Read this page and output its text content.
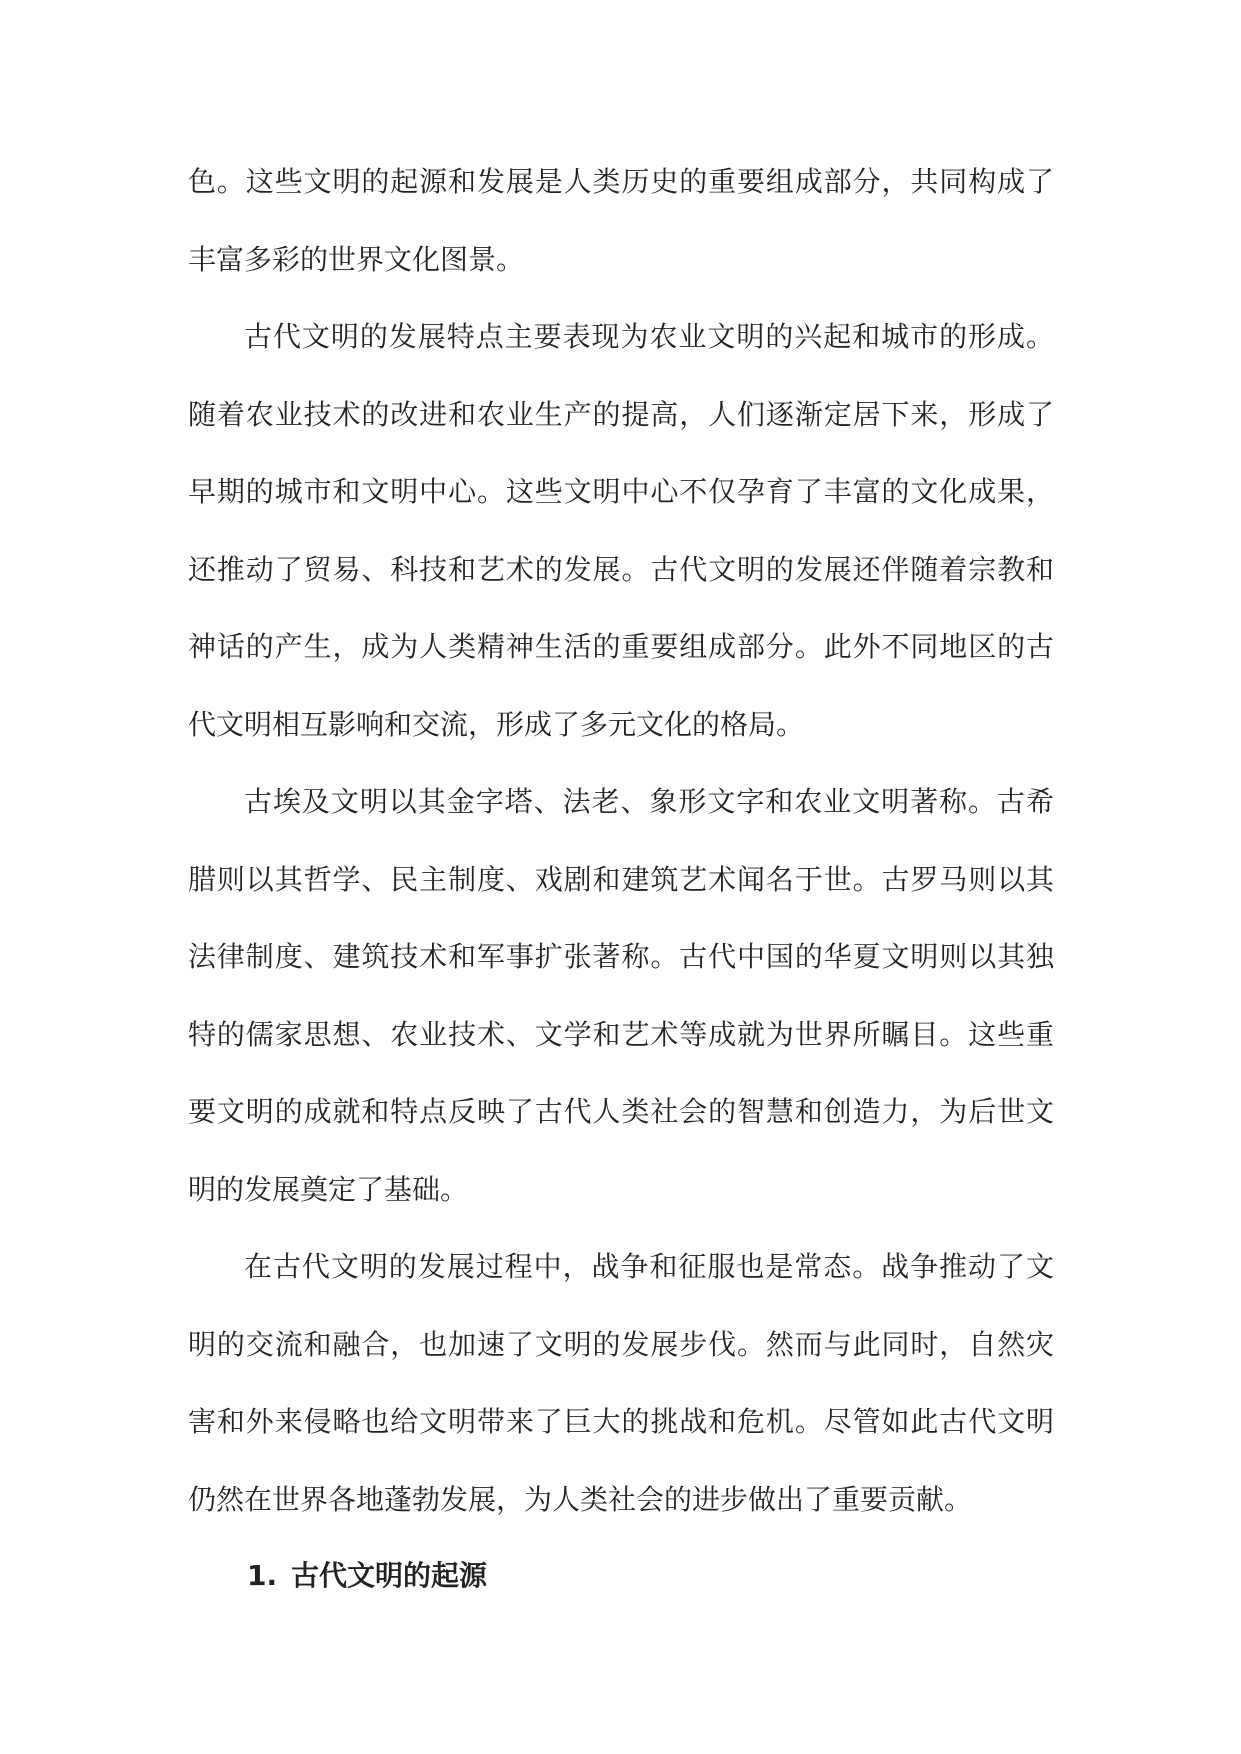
色。这些文明的起源和发展是人类历史的重要组成部分，共同构成了丰富多彩的世界文化图景。

古代文明的发展特点主要表现为农业文明的兴起和城市的形成。随着农业技术的改进和农业生产的提高，人们逐渐定居下来，形成了早期的城市和文明中心。这些文明中心不仅孕育了丰富的文化成果，还推动了贸易、科技和艺术的发展。古代文明的发展还伴随着宗教和神话的产生，成为人类精神生活的重要组成部分。此外不同地区的古代文明相互影响和交流，形成了多元文化的格局。

古埃及文明以其金字塔、法老、象形文字和农业文明著称。古希腊则以其哲学、民主制度、戏剧和建筑艺术闻名于世。古罗马则以其法律制度、建筑技术和军事扩张著称。古代中国的华夏文明则以其独特的儒家思想、农业技术、文学和艺术等成就为世界所瞩目。这些重要文明的成就和特点反映了古代人类社会的智慧和创造力，为后世文明的发展奠定了基础。

在古代文明的发展过程中，战争和征服也是常态。战争推动了文明的交流和融合，也加速了文明的发展步伐。然而与此同时，自然灾害和外来侵略也给文明带来了巨大的挑战和危机。尽管如此古代文明仍然在世界各地蓬勃发展，为人类社会的进步做出了重要贡献。

1. 古代文明的起源
